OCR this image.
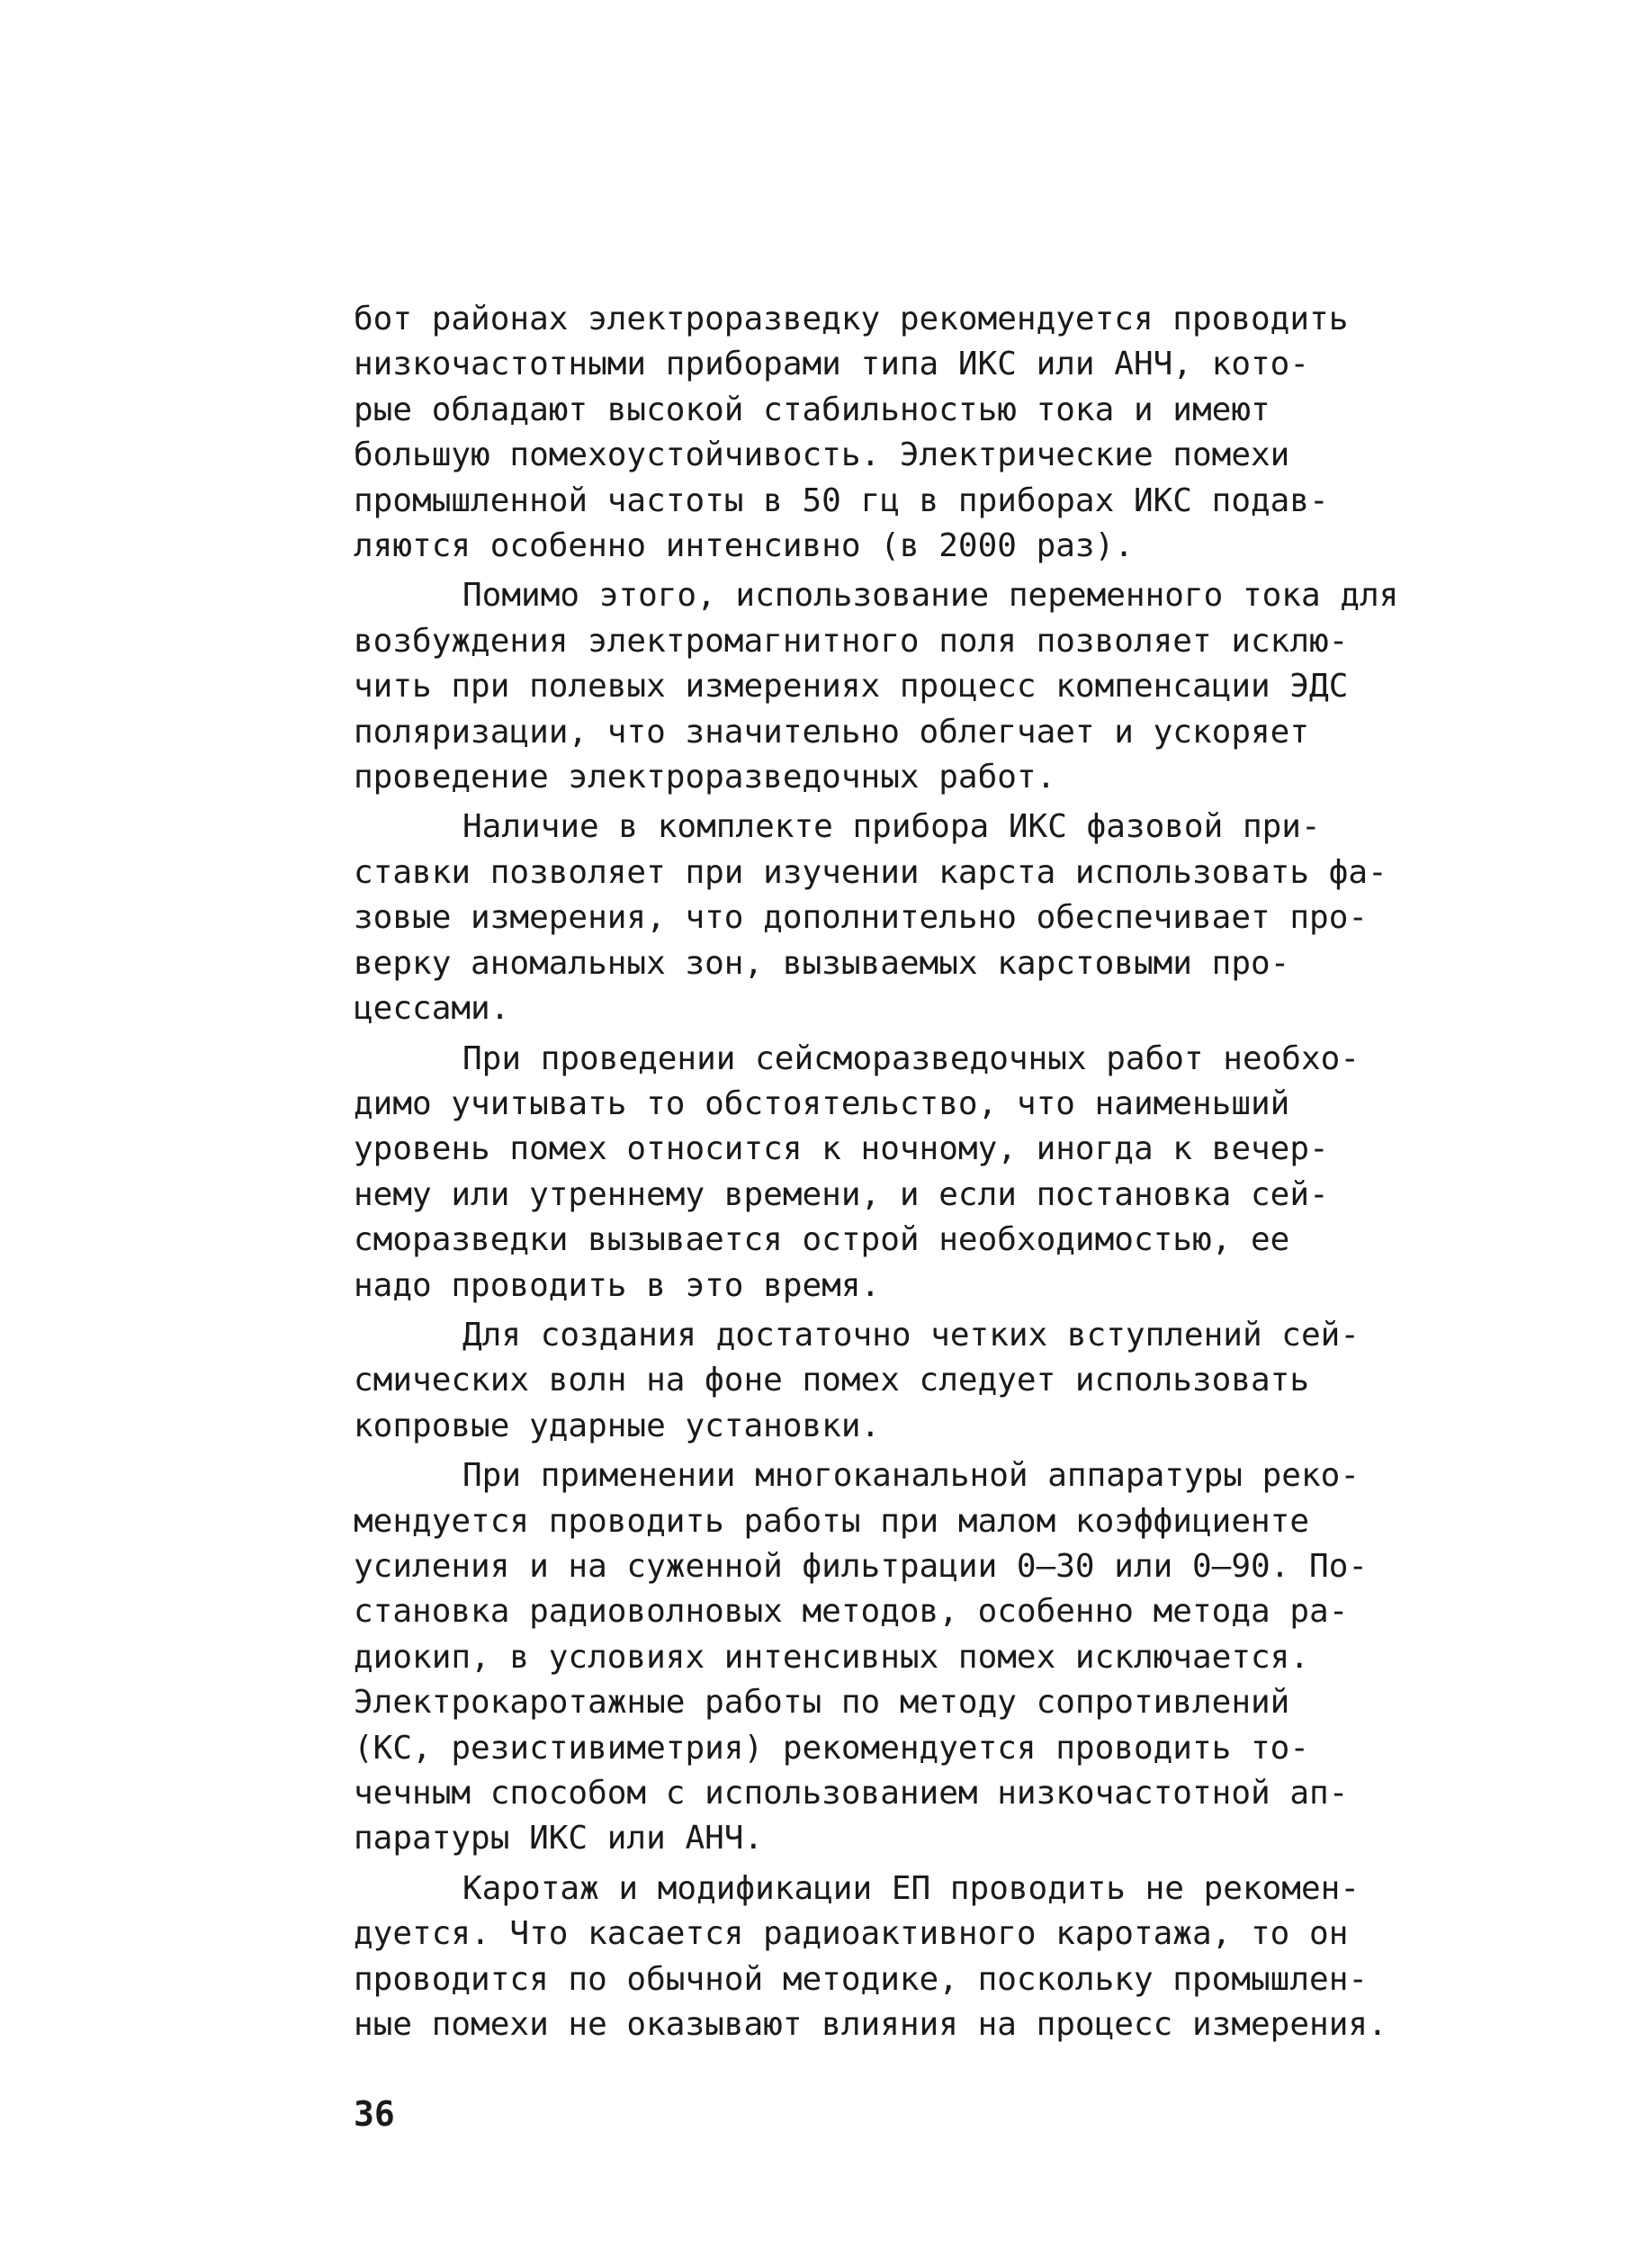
бот районах электроразведку рекомендуется проводить
низкочастотными приборами типа ИКС или АНЧ, кото-
рые обладают высокой стабильностью тока и имеют
большую помехоустойчивость. Электрические помехи
промышленной частоты в 50 гц в приборах ИКС подав-
ляются особенно интенсивно (в 2000 раз).
Помимо этого, использование переменного тока для
возбуждения электромагнитного поля позволяет исклю-
чить при полевых измерениях процесс компенсации ЭДС
поляризации, что значительно облегчает и ускоряет
проведение электроразведочных работ.
Наличие в комплекте прибора ИКС фазовой при-
ставки позволяет при изучении карста использовать фа-
зовые измерения, что дополнительно обеспечивает про-
верку аномальных зон, вызываемых карстовыми про-
цессами.
При проведении сейсморазведочных работ необхо-
димо учитывать то обстоятельство, что наименьший
уровень помех относится к ночному, иногда к вечер-
нему или утреннему времени, и если постановка сей-
сморазведки вызывается острой необходимостью, ее
надо проводить в это время.
Для создания достаточно четких вступлений сей-
смических волн на фоне помех следует использовать
копровые ударные установки.
При применении многоканальной аппаратуры реко-
мендуется проводить работы при малом коэффициенте
усиления и на суженной фильтрации 0–30 или 0–90. По-
становка радиоволновых методов, особенно метода ра-
диокип, в условиях интенсивных помех исключается.
Электрокаротажные работы по методу сопротивлений
(КС, резистивиметрия) рекомендуется проводить то-
чечным способом с использованием низкочастотной ап-
паратуры ИКС или АНЧ.
Каротаж и модификации ЕП проводить не рекомен-
дуется. Что касается радиоактивного каротажа, то он
проводится по обычной методике, поскольку промышлен-
ные помехи не оказывают влияния на процесс измерения.
36
